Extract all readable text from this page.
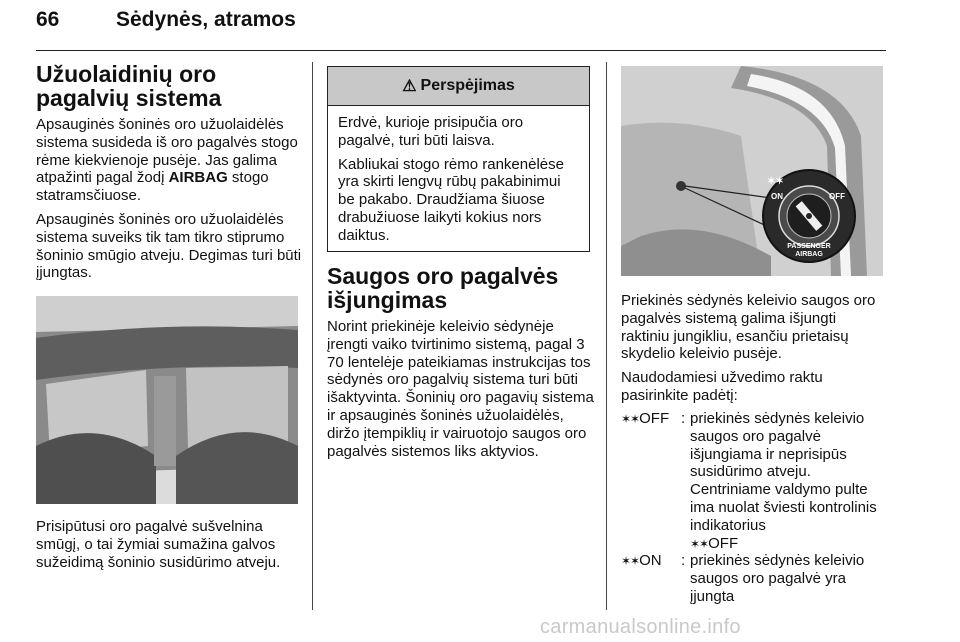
66	Sėdynės, atramos
Užuolaidinių oro pagalvių sistema

Apsauginės šoninės oro užuolaidėlės sistema susideda iš oro pagalvės stogo rėme kiekvienoje pusėje. Jas galima atpažinti pagal žodį AIRBAG stogo statramsčiuose.

Apsauginės šoninės oro užuolaidėlės sistema suveiks tik tam tikro stiprumo šoninio smūgio atveju. Degimas turi būti įjungtas.

Prisipūtusi oro pagalvė sušvelnina smūgį, o tai žymiai sumažina galvos sužeidimą šoninio susidūrimo atveju.

⚠ Perspėjimas

Erdvė, kurioje prisipučia oro pagalvė, turi būti laisva.

Kabliukai stogo rėmo rankenėlėse yra skirti lengvų rūbų pakabinimui be pakabo. Draudžiama šiuose drabužiuose laikyti kokius nors daiktus.

Saugos oro pagalvės išjungimas

Norint priekinėje keleivio sėdynėje įrengti vaiko tvirtinimo sistemą, pagal 3 70 lentelėje pateikiamas instrukcijas tos sėdynės oro pagalvių sistema turi būti išaktyvinta. Šoninių oro pagavių sistema ir apsauginės šoninės užuolaidėlės, diržo įtempiklių ir vairuotojo saugos oro pagalvės sistemos liks aktyvios.

✶✶
ON	OFF
PASSENGER
AIRBAG

Priekinės sėdynės keleivio saugos oro pagalvės sistemą galima išjungti raktiniu jungikliu, esančiu prietaisų skydelio keleivio pusėje.

Naudodamiesi užvedimo raktu pasirinkite padėtį:

✶✶OFF : priekinės sėdynės keleivio saugos oro pagalvė išjungiama ir neprisipūs susidūrimo atveju. Centriniame valdymo pulte ima nuolat šviesti kontrolinis indikatorius
✶✶OFF
✶✶ON	: priekinės sėdynės keleivio saugos oro pagalvė yra įjungta
carmanualsonline.info
